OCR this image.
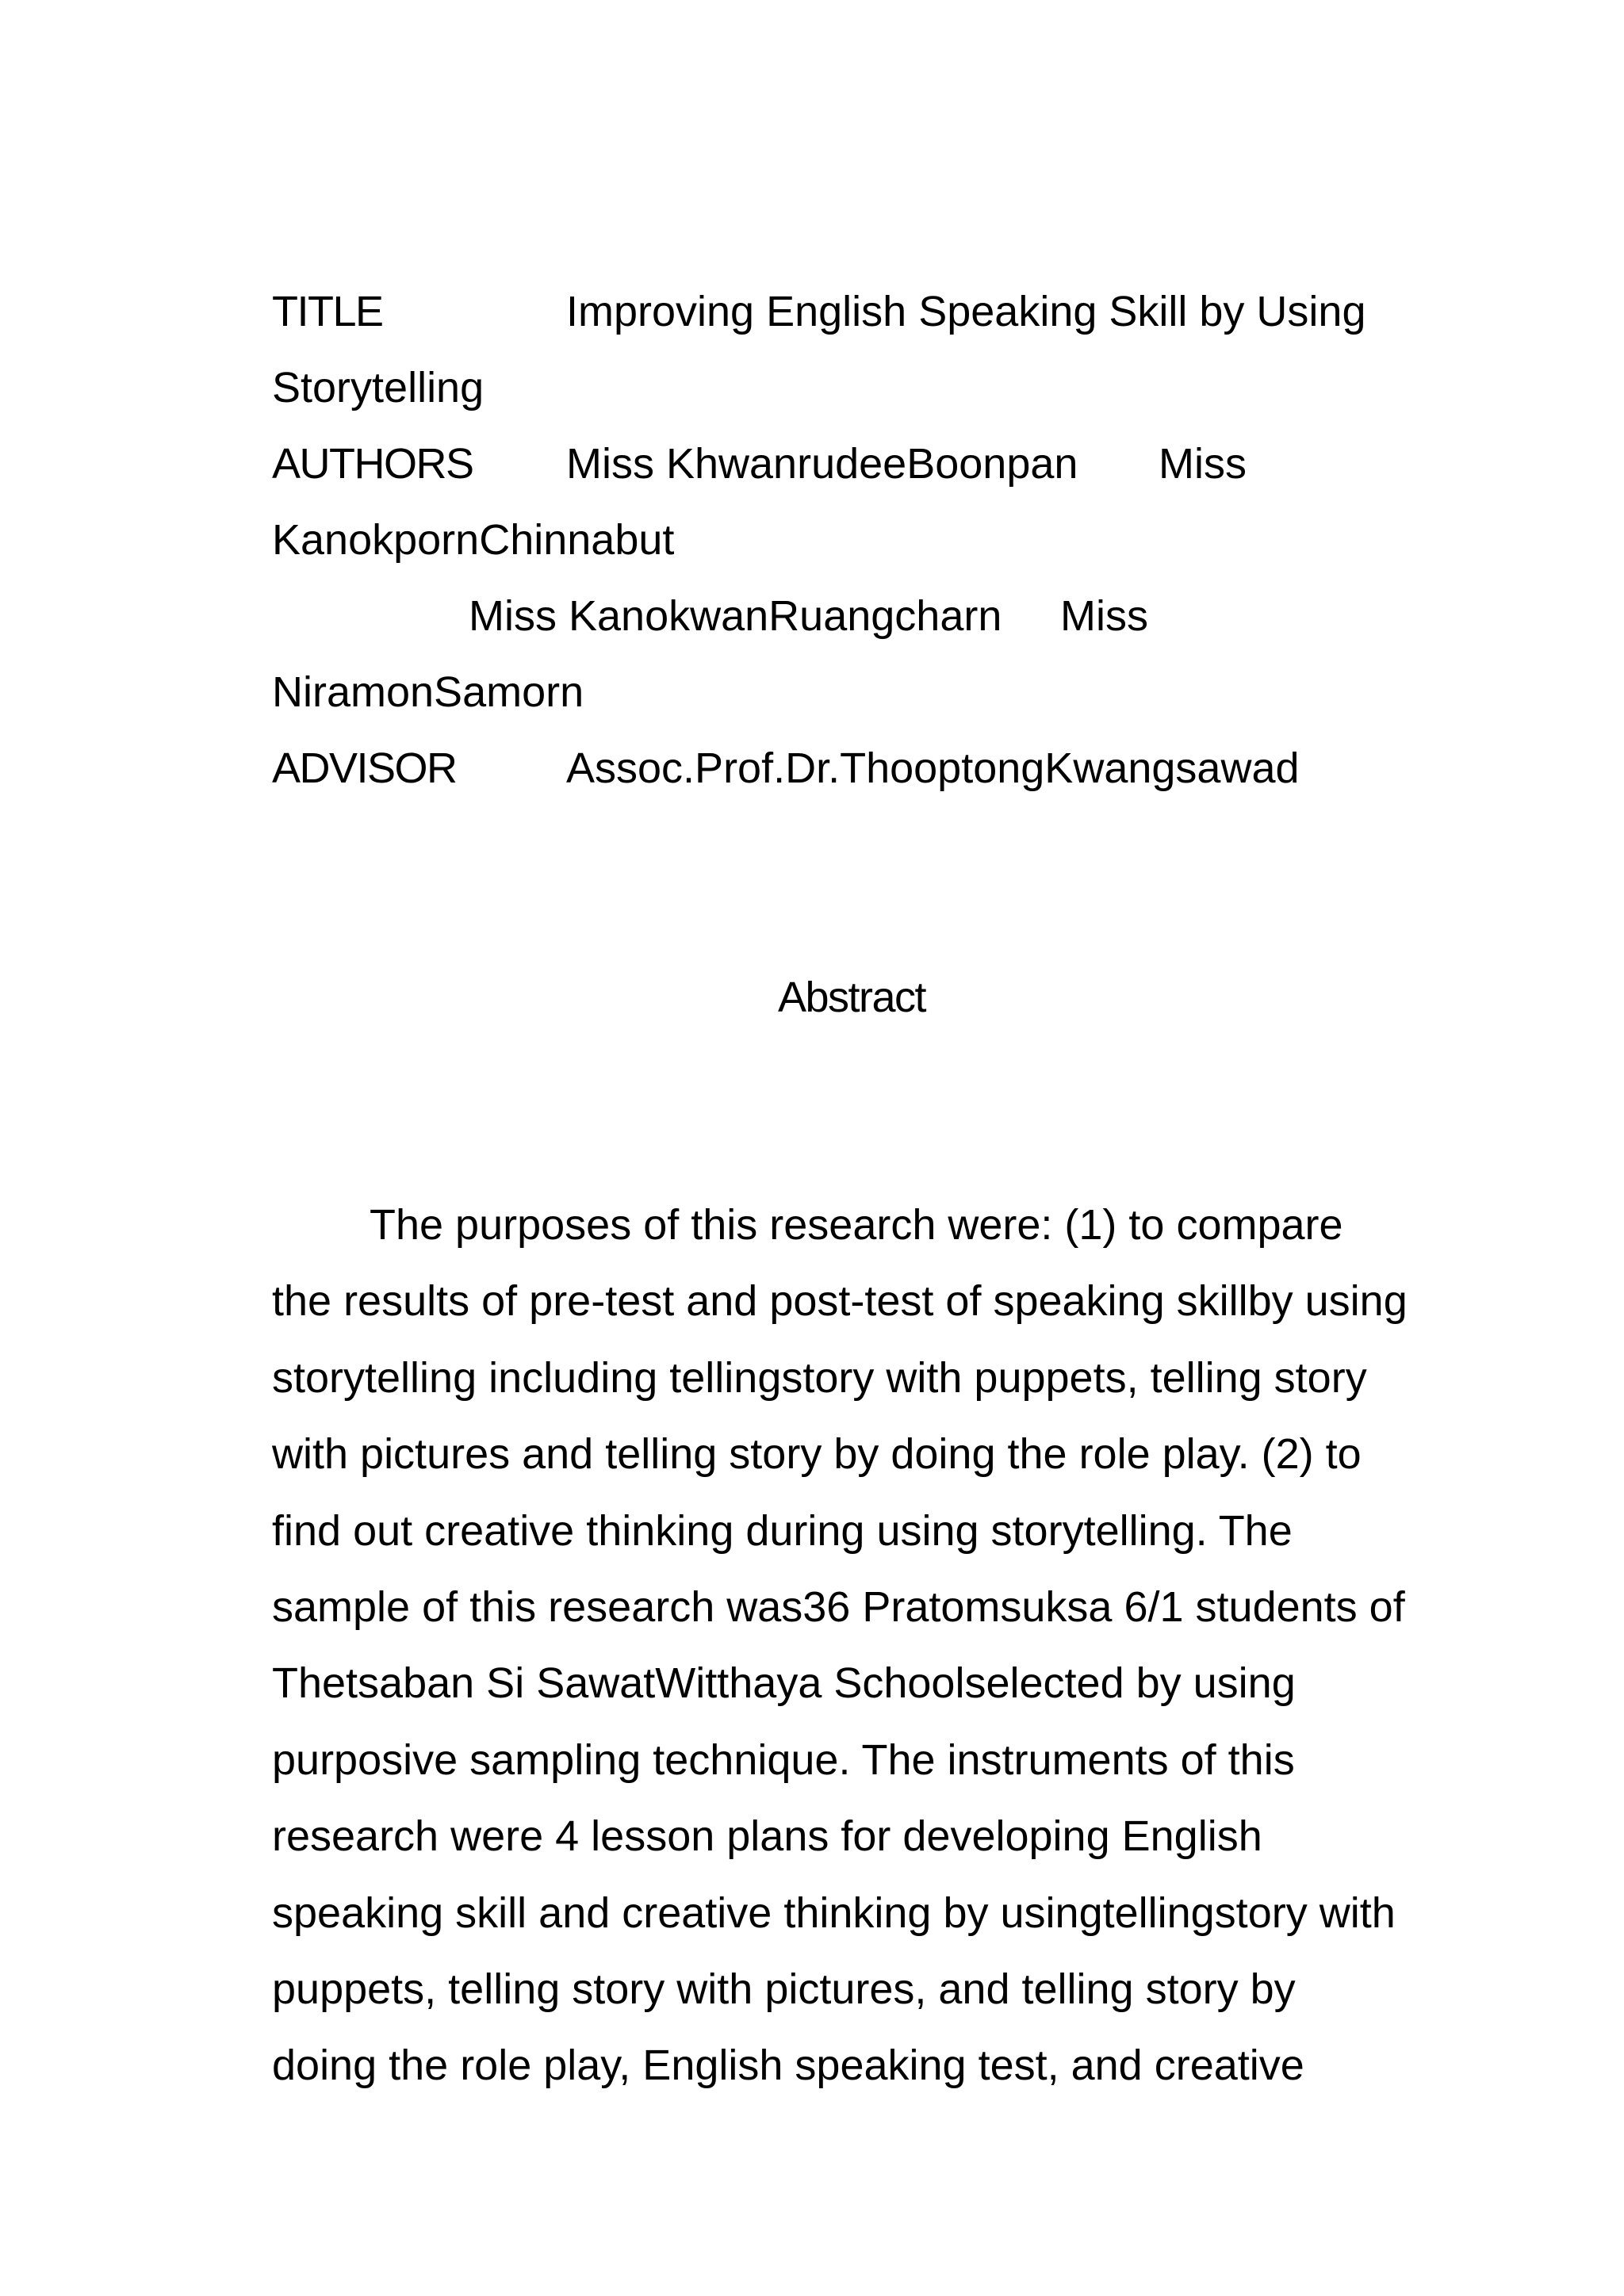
TITLE	Improving English Speaking Skill by Using
Storytelling
AUTHORS Miss KhwanrudeeBoonpan Miss
KanokpornChinnabut
Miss KanokwanRuangcharn Miss
NiramonSamorn
ADVISOR	Assoc.Prof.Dr.ThooptongKwangsawad
Abstract

The purposes of this research were: (1) to compare
the results of pre-test and post-test of speaking skillby using
storytelling including tellingstory with puppets, telling story
with pictures and telling story by doing the role play. (2) to
find out creative thinking during using storytelling. The
sample of this research was36 Pratomsuksa 6/1 students of
Thetsaban Si SawatWitthaya Schoolselected by using
purposive sampling technique. The instruments of this
research were 4 lesson plans for developing English
speaking skill and creative thinking by usingtellingstory with
puppets, telling story with pictures, and telling story by
doing the role play, English speaking test, and creative
